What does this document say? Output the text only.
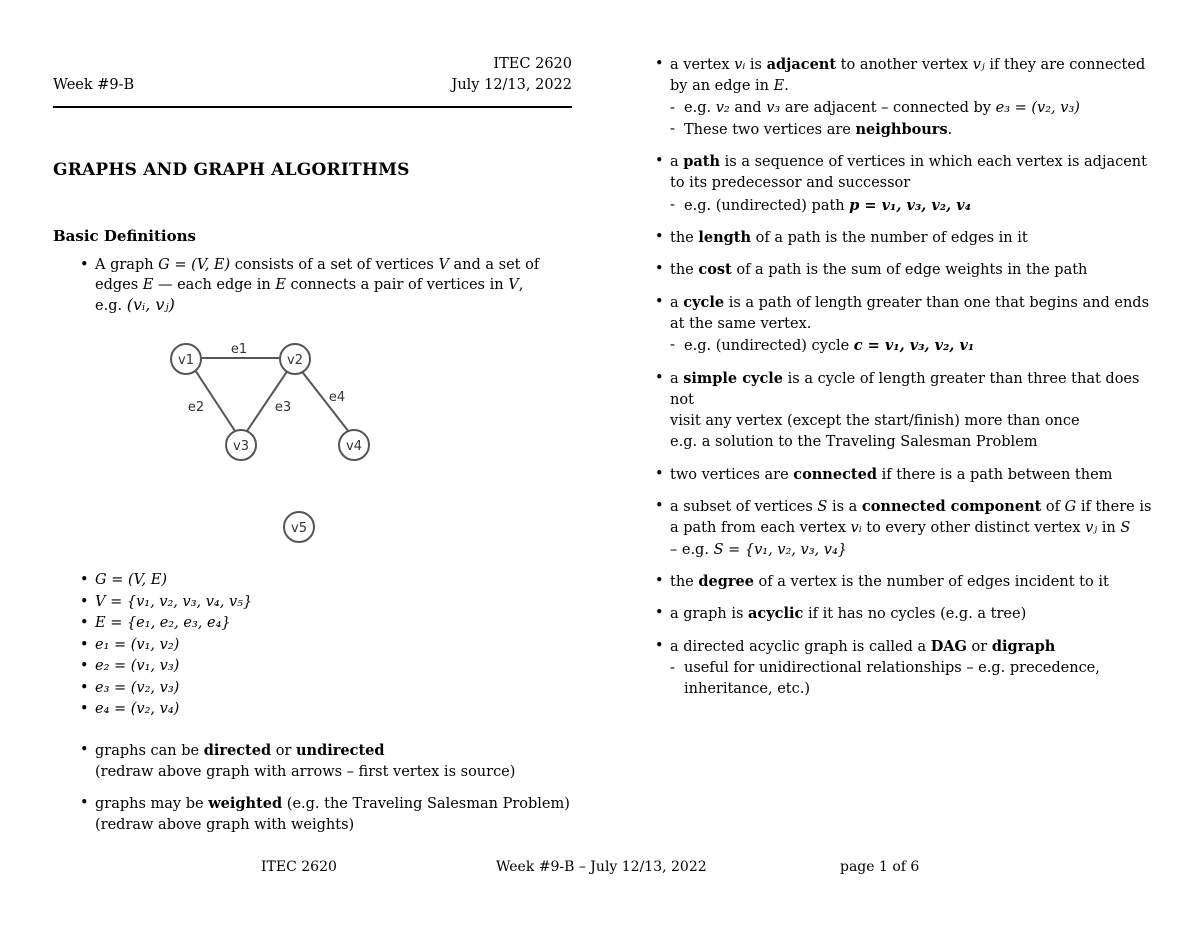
ITEC 2620
Week #9-B	July 12/13, 2022
GRAPHS AND GRAPH ALGORITHMS
Basic Definitions
• A graph G = (V, E) consists of a set of vertices V and a set of
edges E — each edge in E connects a pair of vertices in V,
e.g. (vᵢ, vⱼ)
v1	v2
v3	v4
v5
e1
e2	e3
e4
• G = (V, E)
• V = {v₁, v₂, v₃, v₄, v₅}
• E = {e₁, e₂, e₃, e₄}
• e₁ = (v₁, v₂)
• e₂ = (v₁, v₃)
• e₃ = (v₂, v₃)
• e₄ = (v₂, v₄)
• graphs can be directed or undirected
(redraw above graph with arrows – first vertex is source)
• graphs may be weighted (e.g. the Traveling Salesman Problem)
(redraw above graph with weights)
• a vertex vᵢ is adjacent to another vertex vⱼ if they are connected
by an edge in E.
- e.g. v₂ and v₃ are adjacent – connected by e₃ = (v₂, v₃)
- These two vertices are neighbours.
• a path is a sequence of vertices in which each vertex is adjacent
to its predecessor and successor
- e.g. (undirected) path p = v₁, v₃, v₂, v₄
• the length of a path is the number of edges in it
• the cost of a path is the sum of edge weights in the path
• a cycle is a path of length greater than one that begins and ends
at the same vertex.
- e.g. (undirected) cycle c = v₁, v₃, v₂, v₁
• a simple cycle is a cycle of length greater than three that does not
visit any vertex (except the start/finish) more than once
e.g. a solution to the Traveling Salesman Problem
• two vertices are connected if there is a path between them
• a subset of vertices S is a connected component of G if there is
a path from each vertex vᵢ to every other distinct vertex vⱼ in S
– e.g. S = {v₁, v₂, v₃, v₄}
• the degree of a vertex is the number of edges incident to it
• a graph is acyclic if it has no cycles (e.g. a tree)
• a directed acyclic graph is called a DAG or digraph
- useful for unidirectional relationships – e.g. precedence,
inheritance, etc.)
ITEC 2620	Week #9-B – July 12/13, 2022	page 1 of 6
